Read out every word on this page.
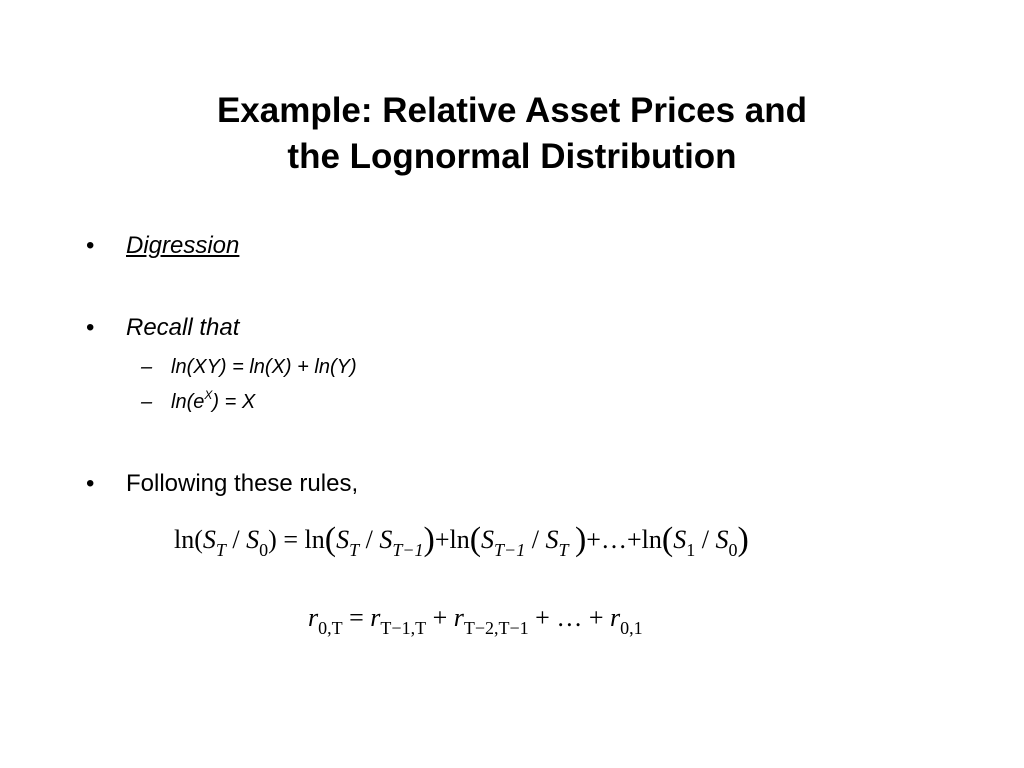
Example: Relative Asset Prices and
the Lognormal Distribution
•	Digression
•	Recall that
– ln(XY) = ln(X) + ln(Y)
– $\ln(e^X) = X$
•	Following these rules,
$\ln(S_T / S_0) = \ln(S_T / S_{T-1})+\ln(S_{T-1} / S_T$ )$+\dots+\ln(S_1 / S_0)$
$r_{0,T} = r_{T-1,T} + r_{T-2,T-1}$ + … + $r_{0,1}$
